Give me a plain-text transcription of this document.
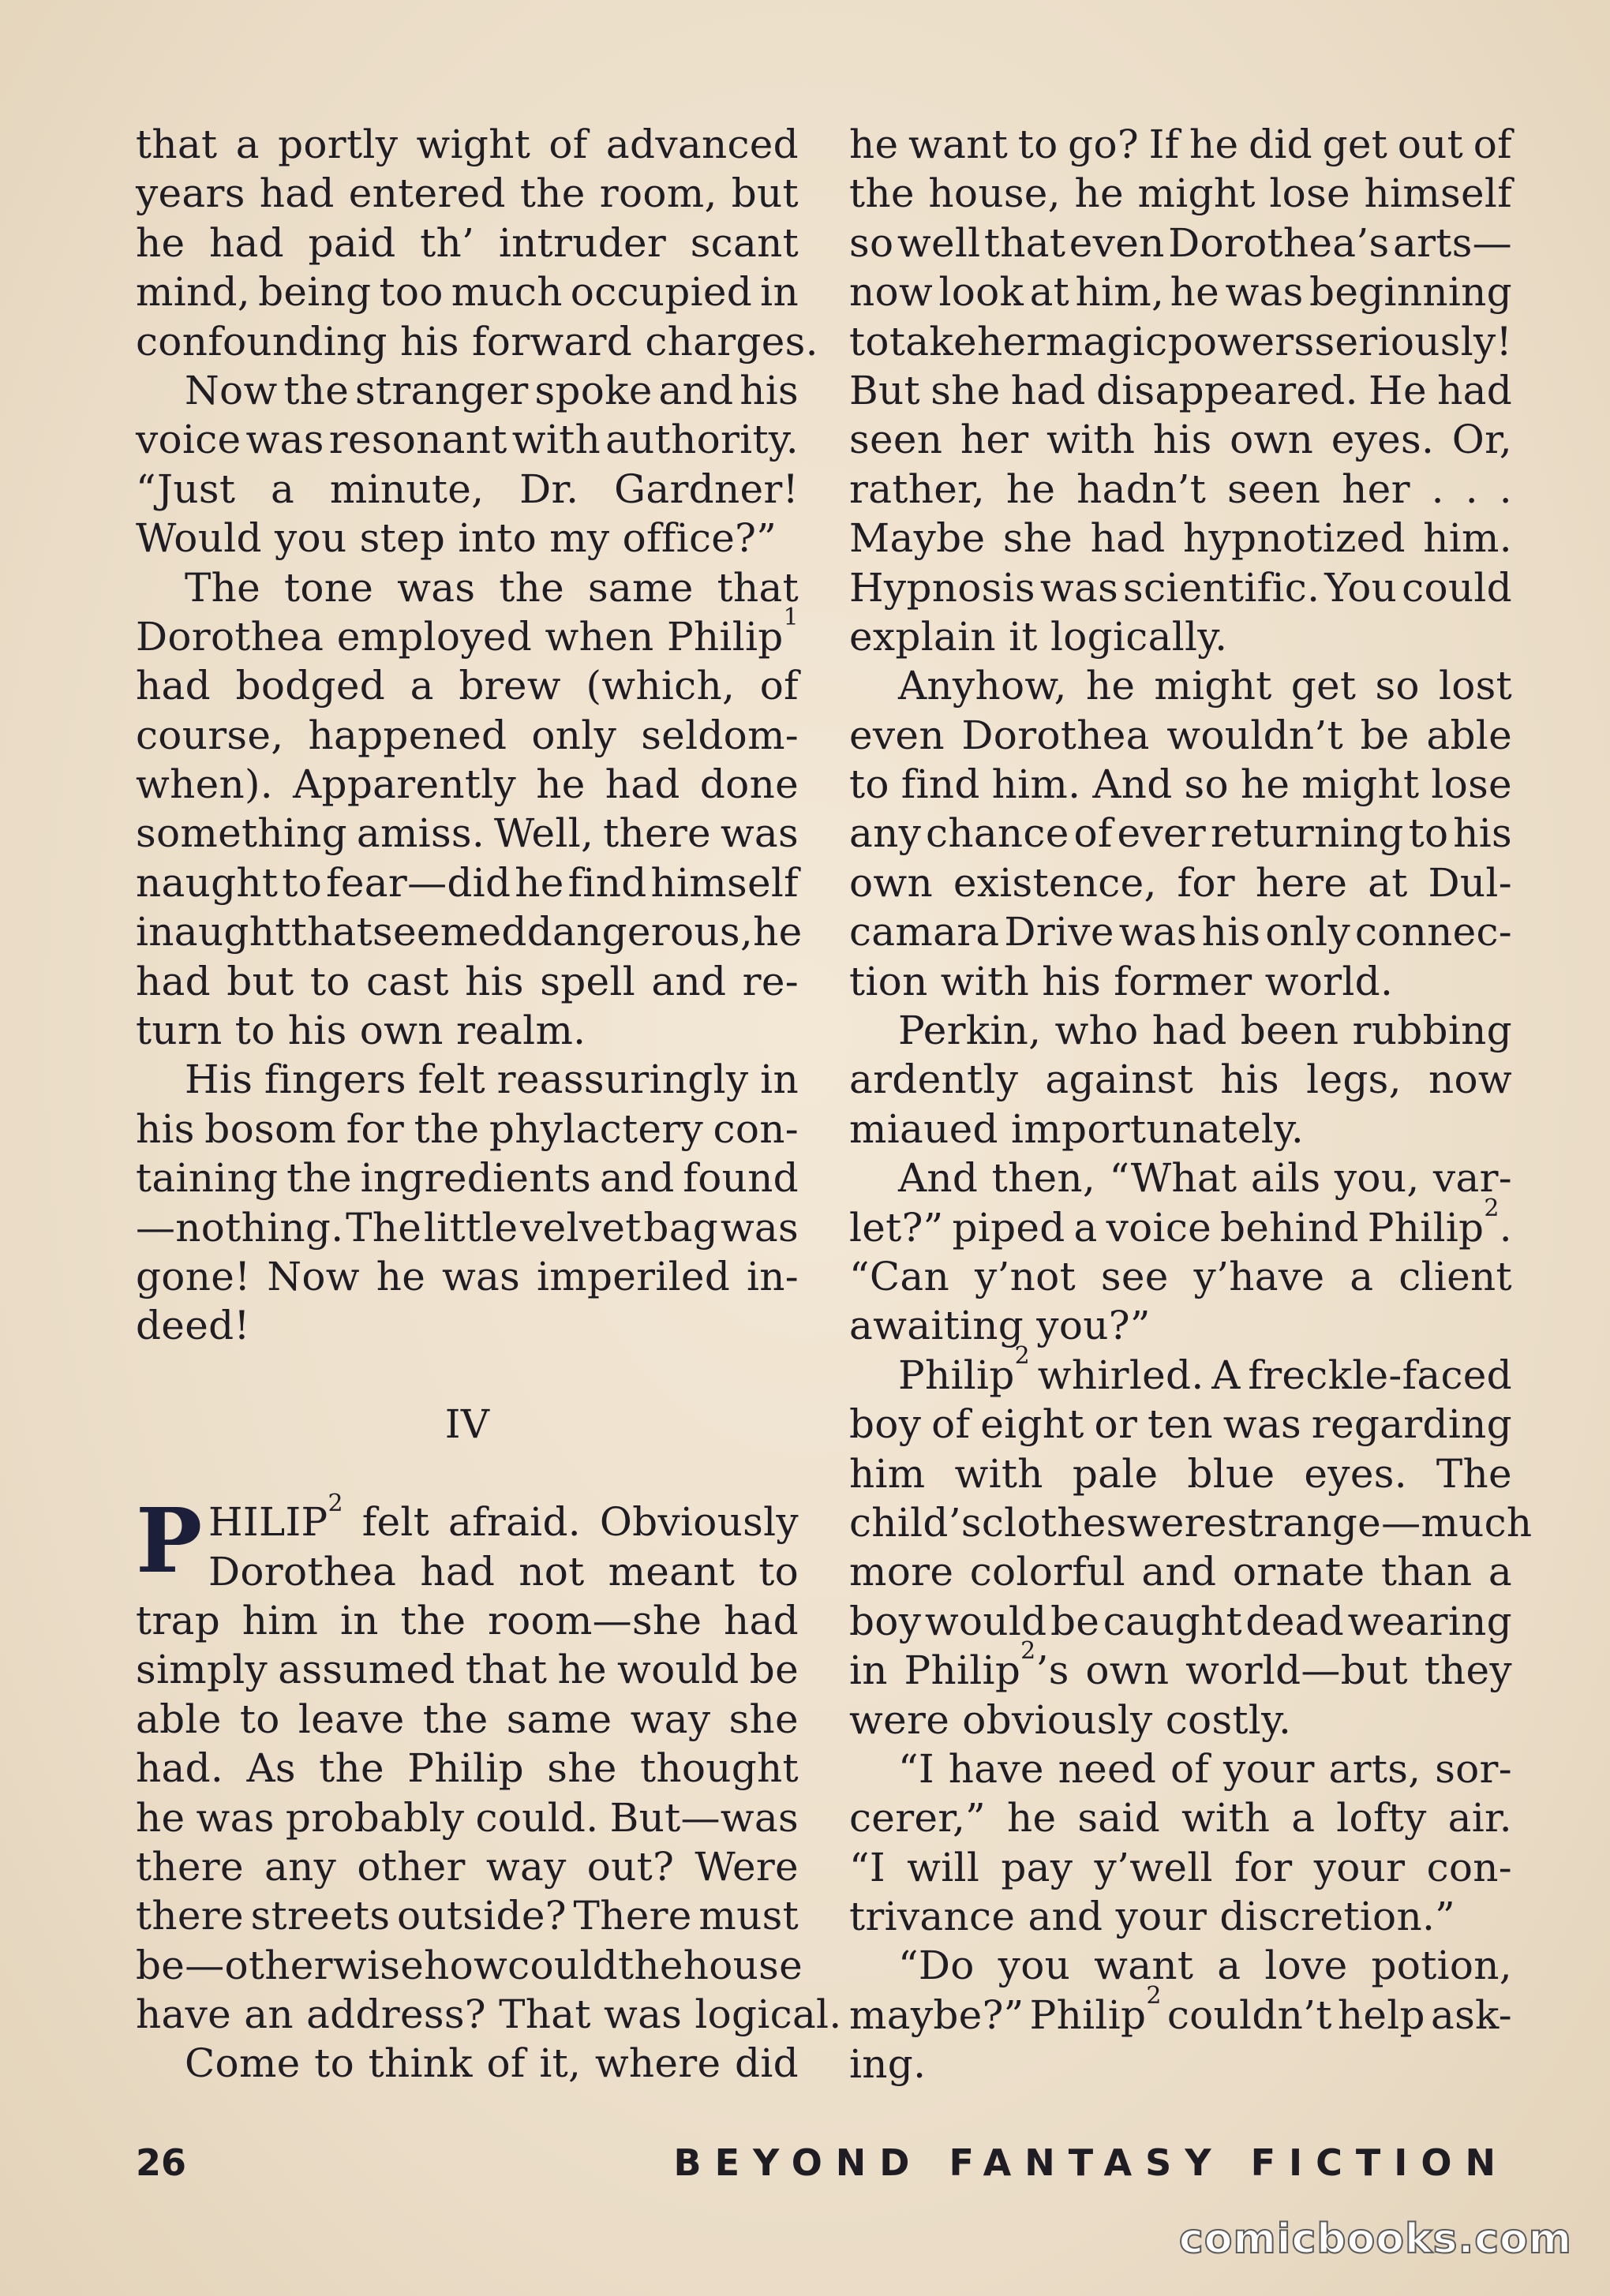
that a portly wight of advanced
years had entered the room, but
he had paid th’ intruder scant
mind, being too much occupied in
confounding his forward charges.
Now the stranger spoke and his
voice was resonant with authority.
“Just a minute, Dr. Gardner!
Would you step into my office?”
The tone was the same that
Dorothea employed when Philip$^1$
had bodged a brew (which, of
course, happened only seldom-
when). Apparently he had done
something amiss. Well, there was
naught to fear—did he find himself
in aught that seemed dangerous, he
had but to cast his spell and re-
turn to his own realm.
His fingers felt reassuringly in
his bosom for the phylactery con-
taining the ingredients and found
—nothing. The little velvet bag was
gone! Now he was imperiled in-
deed!
IV
P HILIP$^2$ felt afraid. Obviously
Dorothea had not meant to
trap him in the room—she had
simply assumed that he would be
able to leave the same way she
had. As the Philip she thought
he was probably could. But—was
there any other way out? Were
there streets outside? There must
be—otherwise how could the house
have an address? That was logical.
Come to think of it, where did
he want to go? If he did get out of
the house, he might lose himself
so well that even Dorothea’s arts—
now look at him, he was beginning
to take her magic powers seriously!
But she had disappeared. He had
seen her with his own eyes. Or,
rather, he hadn’t seen her . . .
Maybe she had hypnotized him.
Hypnosis was scientific. You could
explain it logically.
Anyhow, he might get so lost
even Dorothea wouldn’t be able
to find him. And so he might lose
any chance of ever returning to his
own existence, for here at Dul-
camara Drive was his only connec-
tion with his former world.
Perkin, who had been rubbing
ardently against his legs, now
miaued importunately.
And then, “What ails you, var-
let?” piped a voice behind Philip$^2$.
“Can y’not see y’have a client
awaiting you?”
Philip$^2$ whirled. A freckle-faced
boy of eight or ten was regarding
him with pale blue eyes. The
child’s clothes were strange—much
more colorful and ornate than a
boy would be caught dead wearing
in Philip$^2$’s own world—but they
were obviously costly.
“I have need of your arts, sor-
cerer,” he said with a lofty air.
“I will pay y’well for your con-
trivance and your discretion.”
“Do you want a love potion,
maybe?” Philip$^2$ couldn’t help ask-
ing.
26	BEYOND FANTASY FICTION
comicbooks.com
